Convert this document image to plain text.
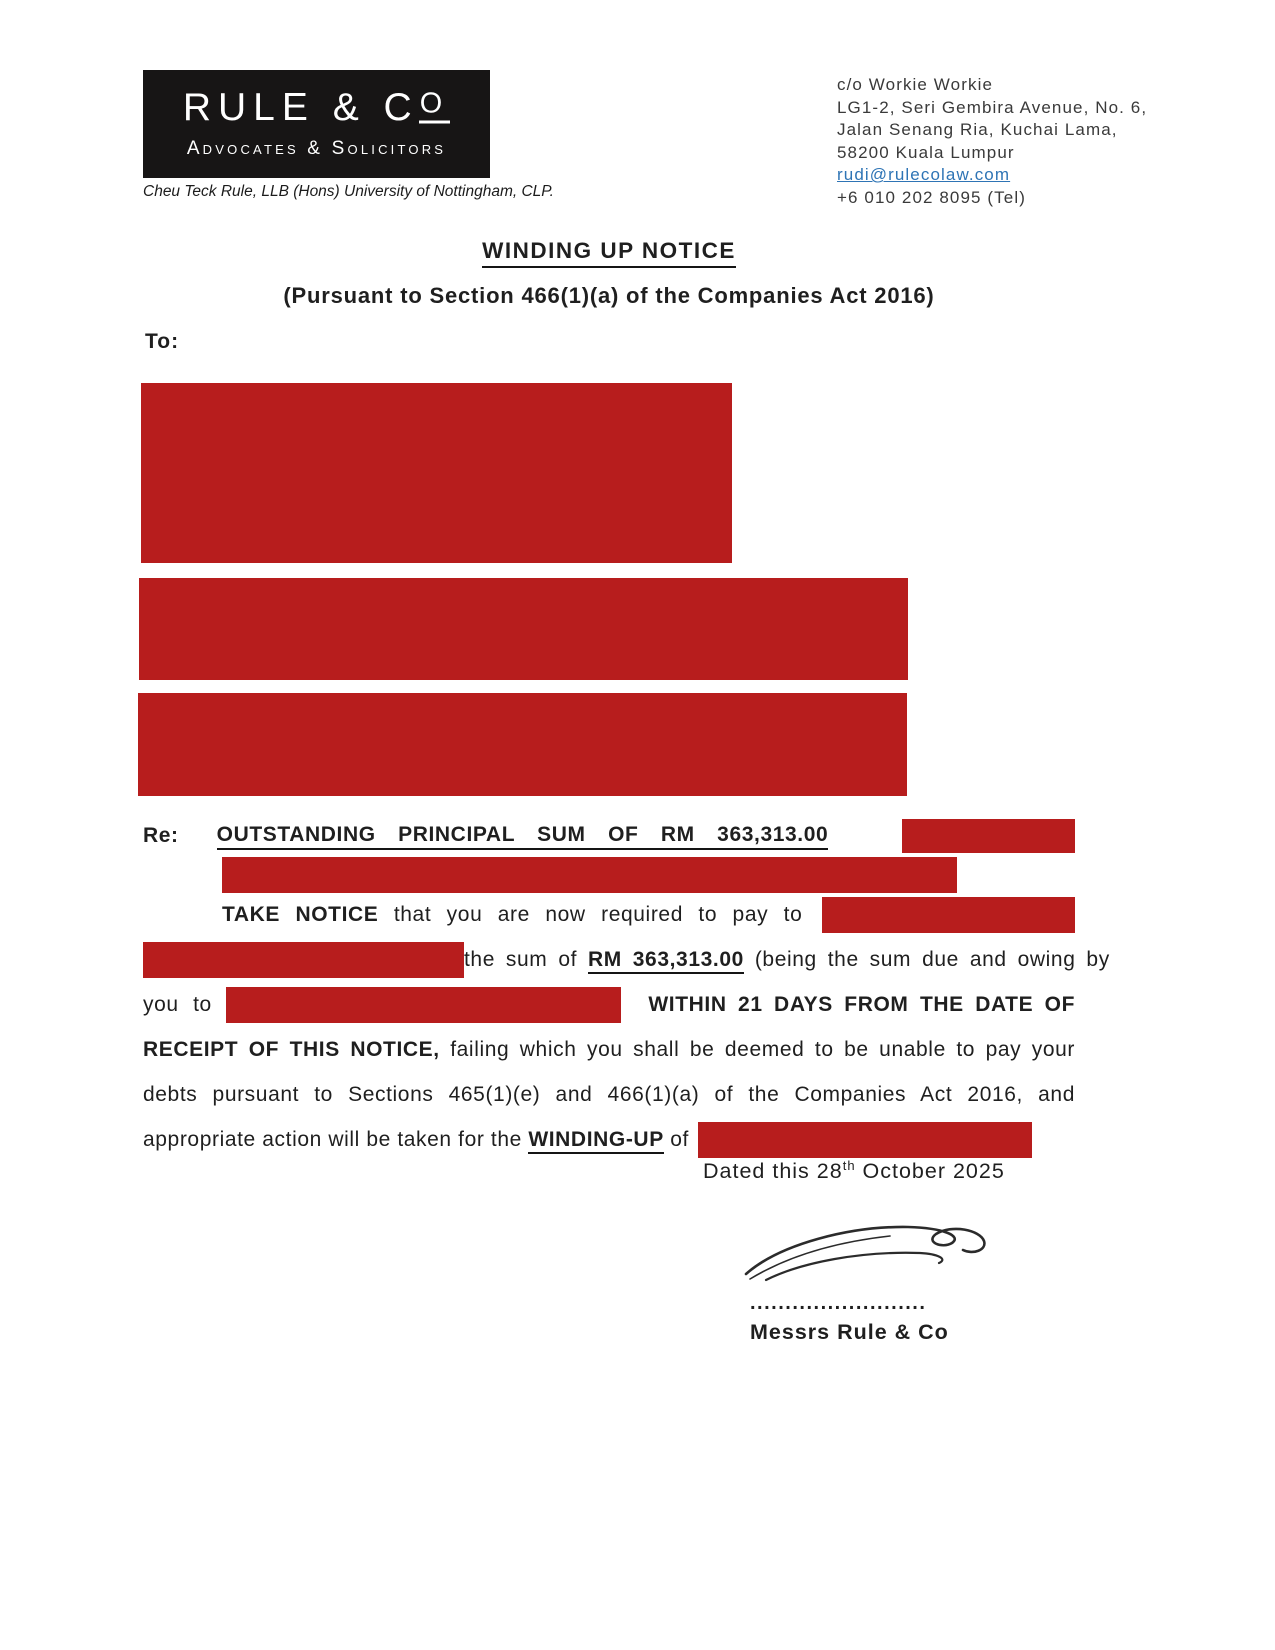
RULE & CO
Advocates & Solicitors
Cheu Teck Rule, LLB (Hons) University of Nottingham, CLP.
c/o Workie Workie
LG1-2, Seri Gembira Avenue, No. 6,
Jalan Senang Ria, Kuchai Lama,
58200 Kuala Lumpur
rudi@rulecolaw.com
+6 010 202 8095 (Tel)
WINDING UP NOTICE
(Pursuant to Section 466(1)(a) of the Companies Act 2016)
To:
Re: OUTSTANDING PRINCIPAL SUM OF RM 363,313.00
TAKE NOTICE that you are now required to pay to
the sum of RM 363,313.00 (being the sum due and owing by
you to	WITHIN 21 DAYS FROM THE DATE OF
RECEIPT OF THIS NOTICE, failing which you shall be deemed to be unable to pay your
debts pursuant to Sections 465(1)(e) and 466(1)(a) of the Companies Act 2016, and
appropriate action will be taken for the WINDING-UP of
Dated this 28th October 2025
.........................
Messrs Rule & Co
